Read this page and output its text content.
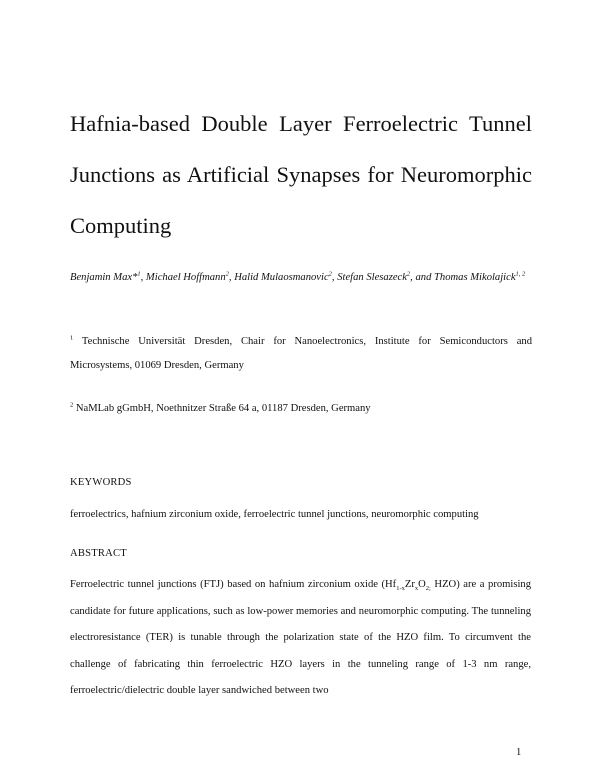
Hafnia-based Double Layer Ferroelectric Tunnel Junctions as Artificial Synapses for Neuromorphic Computing
Benjamin Max*$^1$, Michael Hoffmann$^2$, Halid Mulaosmanovic$^2$, Stefan Slesazeck$^2$, and Thomas Mikolajick$^{1, 2}$
$^1$ Technische Universität Dresden, Chair for Nanoelectronics, Institute for Semiconductors and Microsystems, 01069 Dresden, Germany
$^2$ NaMLab gGmbH, Noethnitzer Straße 64 a, 01187 Dresden, Germany
KEYWORDS
ferroelectrics, hafnium zirconium oxide, ferroelectric tunnel junctions, neuromorphic computing
ABSTRACT
Ferroelectric tunnel junctions (FTJ) based on hafnium zirconium oxide ($Hf_{1-x}Zr_xO_{2;}$ HZO) are a promising candidate for future applications, such as low-power memories and neuromorphic computing. The tunneling electroresistance (TER) is tunable through the polarization state of the HZO film. To circumvent the challenge of fabricating thin ferroelectric HZO layers in the tunneling range of 1-3 nm range, ferroelectric/dielectric double layer sandwiched between two
1
